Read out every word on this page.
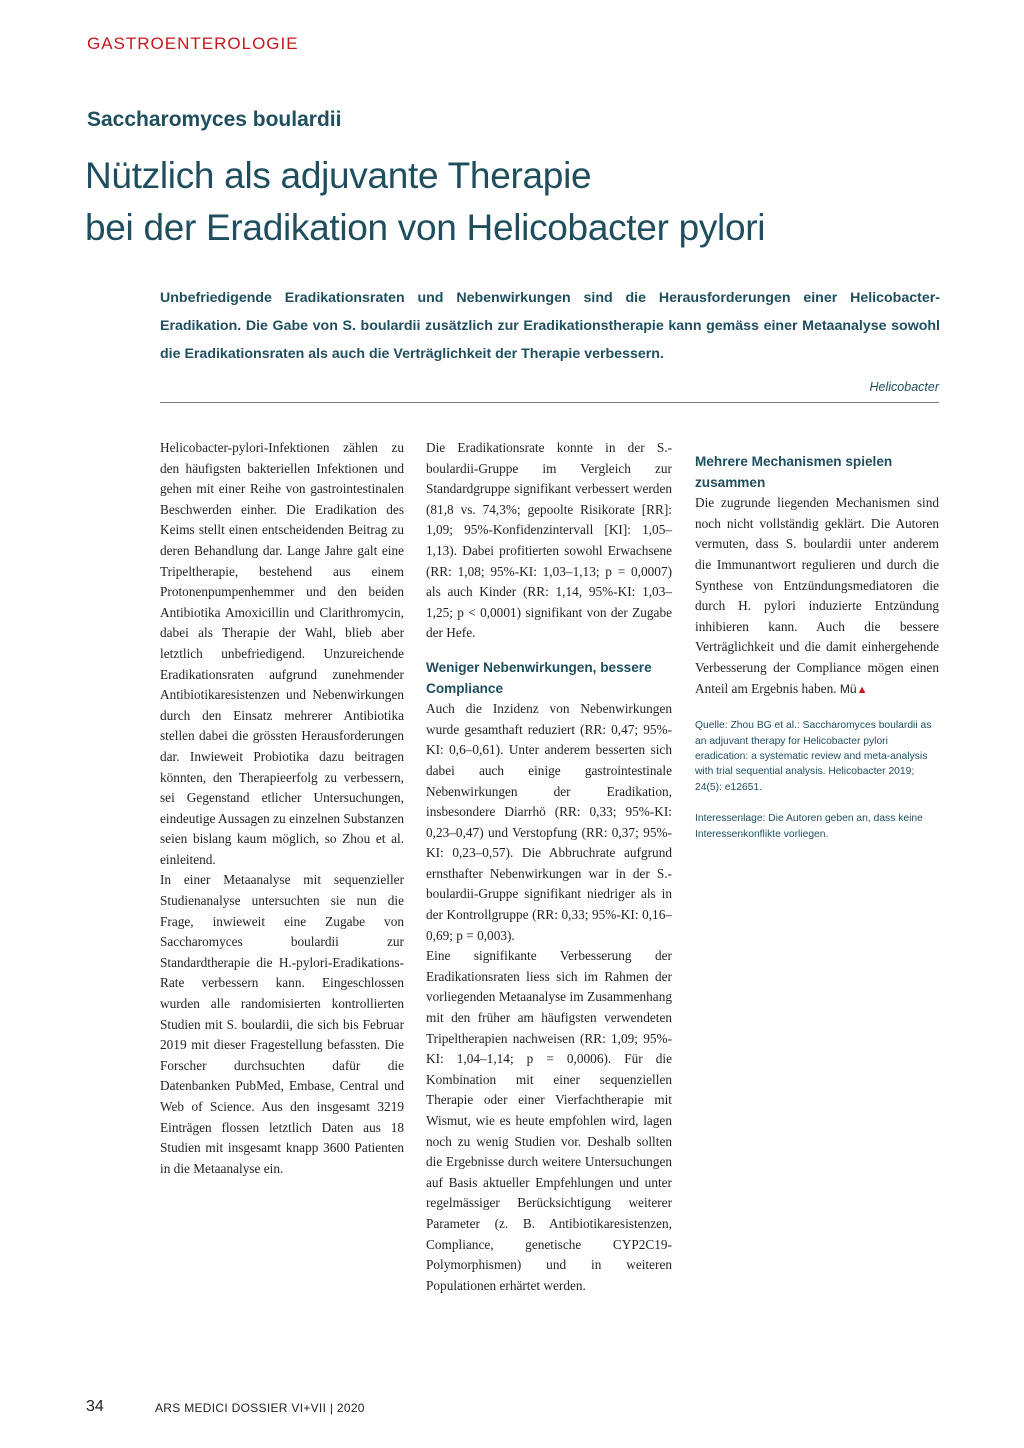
GASTROENTEROLOGIE
Saccharomyces boulardii
Nützlich als adjuvante Therapie
bei der Eradikation von Helicobacter pylori

Unbefriedigende Eradikationsraten und Nebenwirkungen sind die Herausforderungen einer Helicobacter-Eradikation. Die Gabe von S. boulardii zusätzlich zur Eradikationstherapie kann gemäss einer Metaanalyse sowohl die Eradikationsraten als auch die Verträglichkeit der Therapie verbessern.

Helicobacter

Helicobacter-pylori-Infektionen zählen zu den häufigsten bakteriellen Infektionen und gehen mit einer Reihe von gastrointestinalen Beschwerden einher. Die Eradikation des Keims stellt einen entscheidenden Beitrag zu deren Behandlung dar. Lange Jahre galt eine Tripeltherapie, bestehend aus einem Protonenpumpenhemmer und den beiden Antibiotika Amoxicillin und Clarithromycin, dabei als Therapie der Wahl, blieb aber letztlich unbefriedigend. Unzureichende Eradikationsraten aufgrund zunehmender Antibiotikaresistenzen und Nebenwirkungen durch den Einsatz mehrerer Antibiotika stellen dabei die grössten Herausforderungen dar. Inwieweit Probiotika dazu beitragen könnten, den Therapieerfolg zu verbessern, sei Gegenstand etlicher Untersuchungen, eindeutige Aussagen zu einzelnen Substanzen seien bislang kaum möglich, so Zhou et al. einleitend.

In einer Metaanalyse mit sequenzieller Studienanalyse untersuchten sie nun die Frage, inwieweit eine Zugabe von Saccharomyces boulardii zur Standardtherapie die H.-pylori-Eradikations-Rate verbessern kann. Eingeschlossen wurden alle randomisierten kontrollierten Studien mit S. boulardii, die sich bis Februar 2019 mit dieser Fragestellung befassten. Die Forscher durchsuchten dafür die Datenbanken PubMed, Embase, Central und Web of Science. Aus den insgesamt 3219 Einträgen flossen letztlich Daten aus 18 Studien mit insgesamt knapp 3600 Patienten in die Metaanalyse ein.

Die Eradikationsrate konnte in der S.-boulardii-Gruppe im Vergleich zur Standardgruppe signifikant verbessert werden (81,8 vs. 74,3%; gepoolte Risikorate [RR]: 1,09; 95%-Konfidenzintervall [KI]: 1,05–1,13). Dabei profitierten sowohl Erwachsene (RR: 1,08; 95%-KI: 1,03–1,13; p = 0,0007) als auch Kinder (RR: 1,14, 95%-KI: 1,03–1,25; p < 0,0001) signifikant von der Zugabe der Hefe.

Weniger Nebenwirkungen, bessere Compliance

Auch die Inzidenz von Nebenwirkungen wurde gesamthaft reduziert (RR: 0,47; 95%-KI: 0,6–0,61). Unter anderem besserten sich dabei auch einige gastrointestinale Nebenwirkungen der Eradikation, insbesondere Diarrhö (RR: 0,33; 95%-KI: 0,23–0,47) und Verstopfung (RR: 0,37; 95%-KI: 0,23–0,57). Die Abbruchrate aufgrund ernsthafter Nebenwirkungen war in der S.-boulardii-Gruppe signifikant niedriger als in der Kontrollgruppe (RR: 0,33; 95%-KI: 0,16–0,69; p = 0,003).

Eine signifikante Verbesserung der Eradikationsraten liess sich im Rahmen der vorliegenden Metaanalyse im Zusammenhang mit den früher am häufigsten verwendeten Tripeltherapien nachweisen (RR: 1,09; 95%-KI: 1,04–1,14; p = 0,0006). Für die Kombination mit einer sequenziellen Therapie oder einer Vierfachtherapie mit Wismut, wie es heute empfohlen wird, lagen noch zu wenig Studien vor. Deshalb sollten die Ergebnisse durch weitere Untersuchungen auf Basis aktueller Empfehlungen und unter regelmässiger Berücksichtigung weiterer Parameter (z. B. Antibiotikaresistenzen, Compliance, genetische CYP2C19-Polymorphismen) und in weiteren Populationen erhärtet werden.

Mehrere Mechanismen spielen zusammen

Die zugrunde liegenden Mechanismen sind noch nicht vollständig geklärt. Die Autoren vermuten, dass S. boulardii unter anderem die Immunantwort regulieren und durch die Synthese von Entzündungsmediatoren die durch H. pylori induzierte Entzündung inhibieren kann. Auch die bessere Verträglichkeit und die damit einhergehende Verbesserung der Compliance mögen einen Anteil am Ergebnis haben. Mü▲

Quelle: Zhou BG et al.: Saccharomyces boulardii as an adjuvant therapy for Helicobacter pylori eradication: a systematic review and meta-analysis with trial sequential analysis. Helicobacter 2019; 24(5): e12651.

Interessenlage: Die Autoren geben an, dass keine Interessenkonflikte vorliegen.

34	ARS MEDICI DOSSIER VI+VII | 2020
